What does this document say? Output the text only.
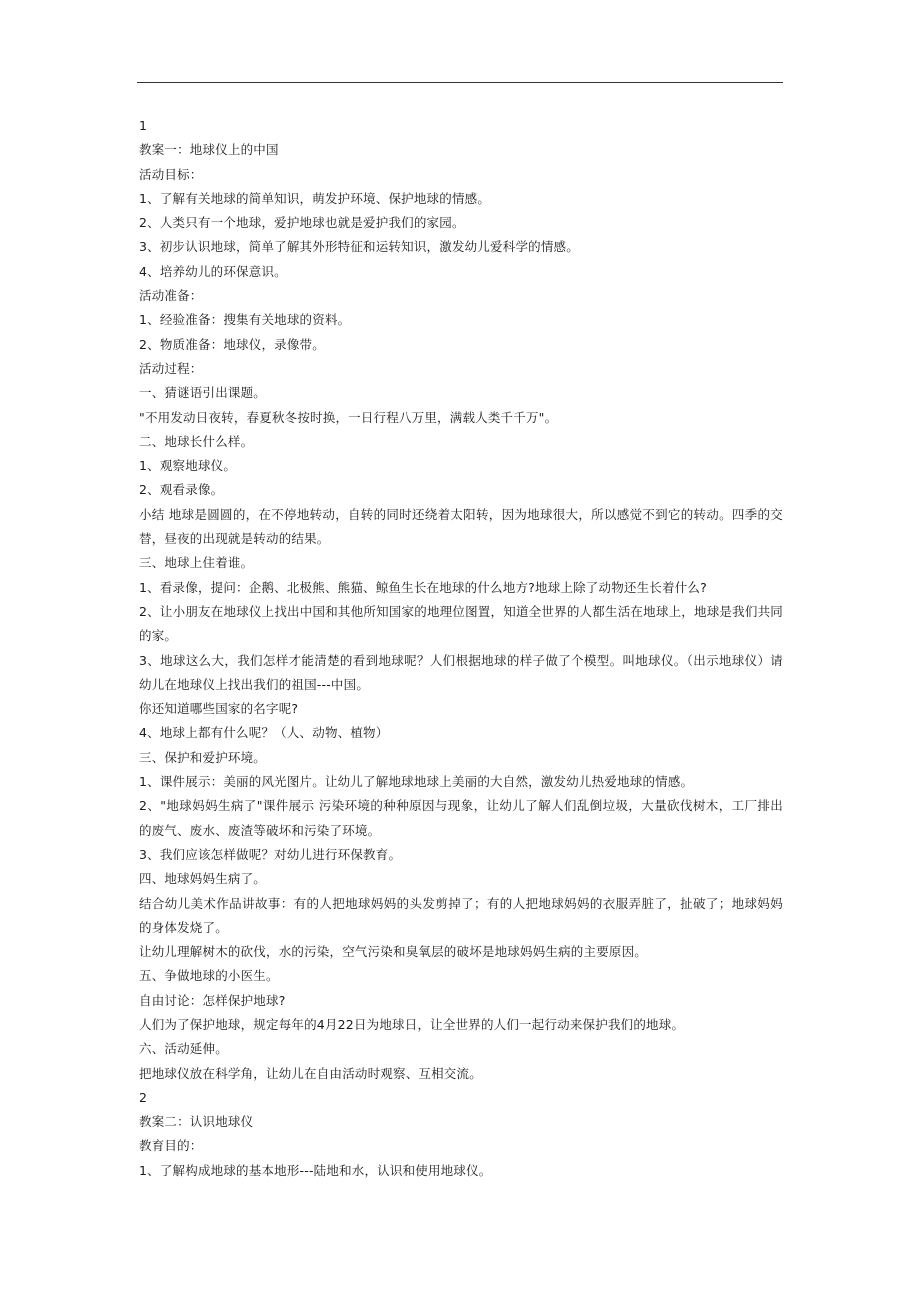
1

教案一：地球仪上的中国

活动目标：

1、了解有关地球的简单知识，萌发护环境、保护地球的情感。

2、人类只有一个地球，爱护地球也就是爱护我们的家园。

3、初步认识地球，简单了解其外形特征和运转知识，激发幼儿爱科学的情感。

4、培养幼儿的环保意识。

活动准备：

1、经验准备：搜集有关地球的资料。

2、物质准备：地球仪，录像带。

活动过程：

一、猜谜语引出课题。

"不用发动日夜转，春夏秋冬按时换，一日行程八万里，满载人类千千万"。

二、地球长什么样。

1、观察地球仪。

2、观看录像。

小结 地球是圆圆的，在不停地转动，自转的同时还绕着太阳转，因为地球很大，所以感觉不到它的转动。四季的交替，昼夜的出现就是转动的结果。

三、地球上住着谁。

1、看录像，提问：企鹅、北极熊、熊猫、鲸鱼生长在地球的什么地方?地球上除了动物还生长着什么?

2、让小朋友在地球仪上找出中国和其他所知国家的地理位图置，知道全世界的人都生活在地球上，地球是我们共同的家。

3、地球这么大，我们怎样才能清楚的看到地球呢？人们根据地球的样子做了个模型。叫地球仪。（出示地球仪）请幼儿在地球仪上找出我们的祖国---中国。

你还知道哪些国家的名字呢?

4、地球上都有什么呢？（人、动物、植物）

三、保护和爱护环境。

1、课件展示：美丽的风光图片。让幼儿了解地球地球上美丽的大自然，激发幼儿热爱地球的情感。

2、"地球妈妈生病了"课件展示 污染环境的种种原因与现象，让幼儿了解人们乱倒垃圾，大量砍伐树木，工厂排出的废气、废水、废渣等破坏和污染了环境。

3、我们应该怎样做呢？对幼儿进行环保教育。

四、地球妈妈生病了。

结合幼儿美术作品讲故事：有的人把地球妈妈的头发剪掉了；有的人把地球妈妈的衣服弄脏了，扯破了；地球妈妈的身体发烧了。

让幼儿理解树木的砍伐，水的污染，空气污染和臭氧层的破坏是地球妈妈生病的主要原因。

五、争做地球的小医生。

自由讨论：怎样保护地球?

人们为了保护地球，规定每年的4月22日为地球日，让全世界的人们一起行动来保护我们的地球。

六、活动延伸。

把地球仪放在科学角，让幼儿在自由活动时观察、互相交流。

2

教案二：认识地球仪

教育目的：

1、了解构成地球的基本地形---陆地和水，认识和使用地球仪。
